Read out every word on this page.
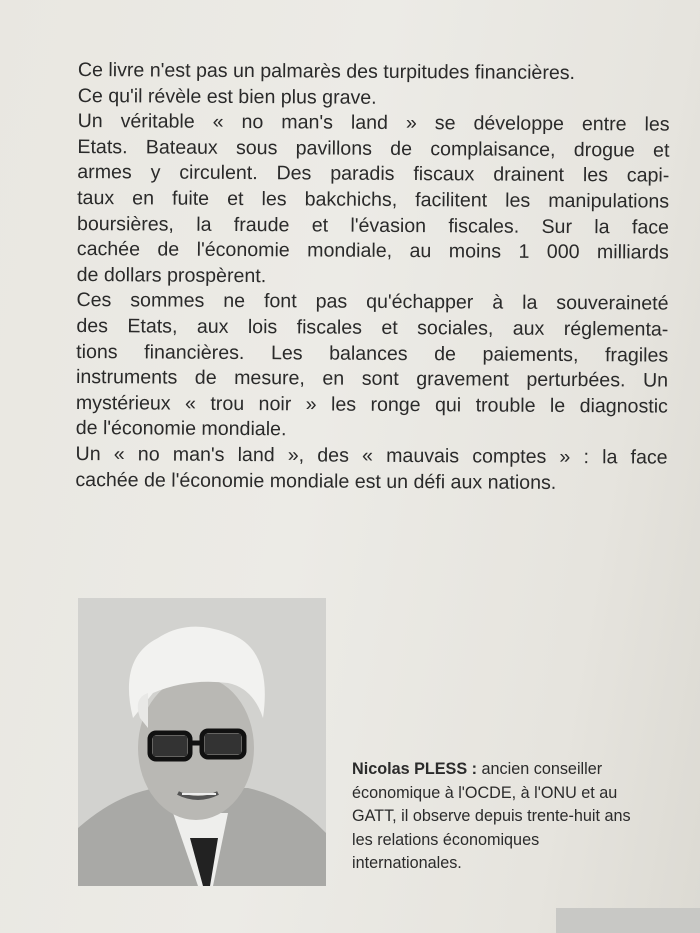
Ce livre n'est pas un palmarès des turpitudes financières.
Ce qu'il révèle est bien plus grave.
Un véritable « no man's land » se développe entre les
Etats. Bateaux sous pavillons de complaisance, drogue et
armes y circulent. Des paradis fiscaux drainent les capi-
taux en fuite et les bakchichs, facilitent les manipulations
boursières, la fraude et l'évasion fiscales. Sur la face
cachée de l'économie mondiale, au moins 1 000 milliards
de dollars prospèrent.
Ces sommes ne font pas qu'échapper à la souveraineté
des Etats, aux lois fiscales et sociales, aux réglementa-
tions financières. Les balances de paiements, fragiles
instruments de mesure, en sont gravement perturbées. Un
mystérieux « trou noir » les ronge qui trouble le diagnostic
de l'économie mondiale.
Un « no man's land », des « mauvais comptes » : la face
cachée de l'économie mondiale est un défi aux nations.
Nicolas PLESS : ancien conseiller
économique à l'OCDE, à l'ONU et au
GATT, il observe depuis trente-huit ans
les relations économiques
internationales.
